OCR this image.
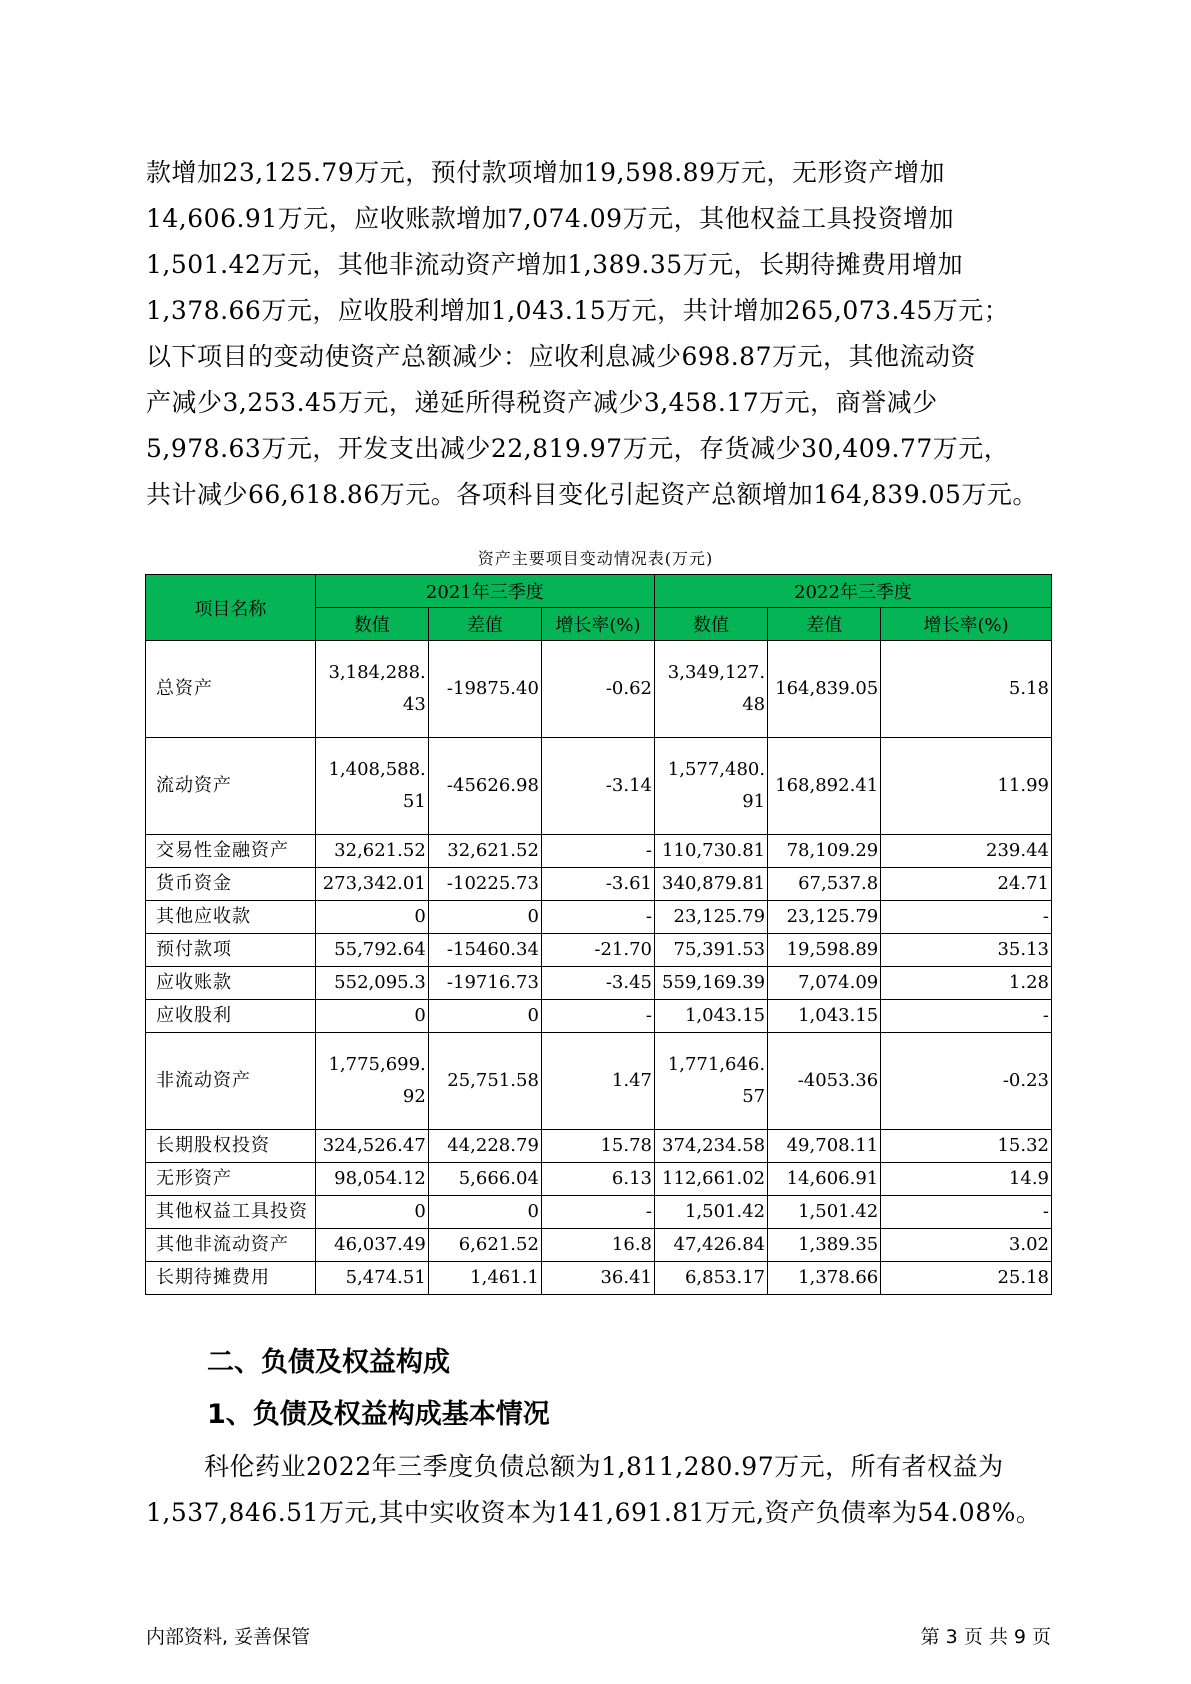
款增加23,125.79万元，预付款项增加19,598.89万元，无形资产增加
14,606.91万元，应收账款增加7,074.09万元，其他权益工具投资增加
1,501.42万元，其他非流动资产增加1,389.35万元，长期待摊费用增加
1,378.66万元，应收股利增加1,043.15万元，共计增加265,073.45万元；
以下项目的变动使资产总额减少：应收利息减少698.87万元，其他流动资
产减少3,253.45万元，递延所得税资产减少3,458.17万元，商誉减少
5,978.63万元，开发支出减少22,819.97万元，存货减少30,409.77万元，
共计减少66,618.86万元。各项科目变化引起资产总额增加164,839.05万元。
资产主要项目变动情况表(万元)
项目名称	2021年三季度			2022年三季度		
	数值	差值	增长率(%)	数值	差值	增长率(%)
总资产	3,184,288.43	-19875.40	-0.62	3,349,127.48	164,839.05	5.18
流动资产	1,408,588.51	-45626.98	-3.14	1,577,480.91	168,892.41	11.99
交易性金融资产	32,621.52	32,621.52	-	110,730.81	78,109.29	239.44
货币资金	273,342.01	-10225.73	-3.61	340,879.81	67,537.8	24.71
其他应收款	0	0	-	23,125.79	23,125.79	-
预付款项	55,792.64	-15460.34	-21.70	75,391.53	19,598.89	35.13
应收账款	552,095.3	-19716.73	-3.45	559,169.39	7,074.09	1.28
应收股利	0	0	-	1,043.15	1,043.15	-
非流动资产	1,775,699.92	25,751.58	1.47	1,771,646.57	-4053.36	-0.23
长期股权投资	324,526.47	44,228.79	15.78	374,234.58	49,708.11	15.32
无形资产	98,054.12	5,666.04	6.13	112,661.02	14,606.91	14.9
其他权益工具投资	0	0	-	1,501.42	1,501.42	-
其他非流动资产	46,037.49	6,621.52	16.8	47,426.84	1,389.35	3.02
长期待摊费用	5,474.51	1,461.1	36.41	6,853.17	1,378.66	25.18
二、负债及权益构成
1、负债及权益构成基本情况
科伦药业2022年三季度负债总额为1,811,280.97万元，所有者权益为
1,537,846.51万元,其中实收资本为141,691.81万元,资产负债率为54.08%。
内部资料, 妥善保管	第 3 页 共 9 页
